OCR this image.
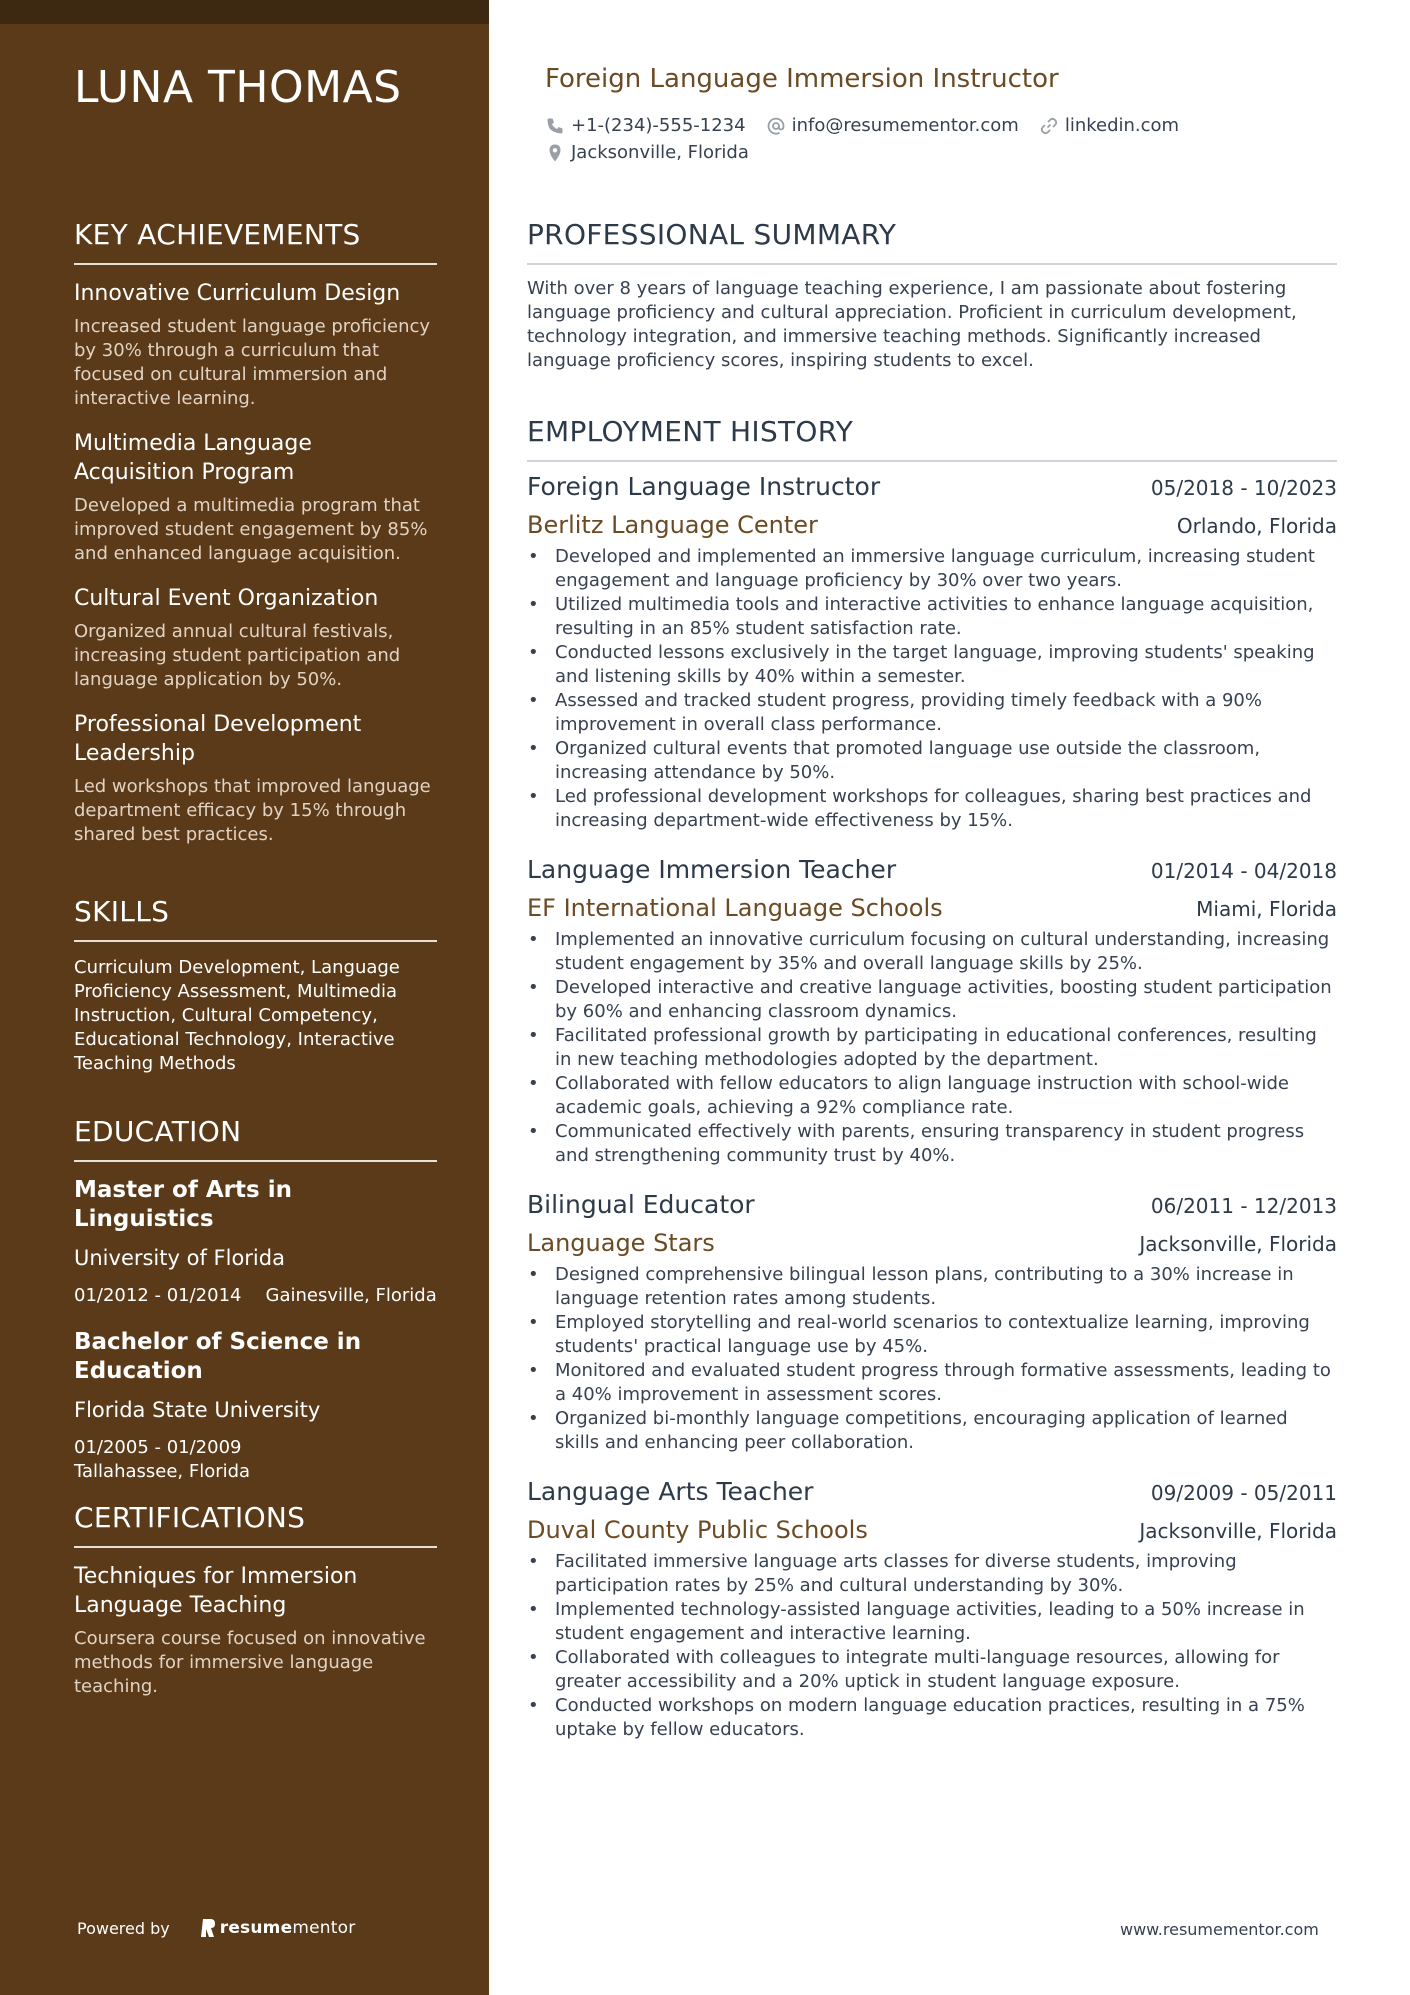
LUNA THOMAS
KEY ACHIEVEMENTS
Innovative Curriculum Design
Increased student language proficiency by 30% through a curriculum that focused on cultural immersion and interactive learning.
Multimedia Language Acquisition Program
Developed a multimedia program that improved student engagement by 85% and enhanced language acquisition.
Cultural Event Organization
Organized annual cultural festivals, increasing student participation and language application by 50%.
Professional Development Leadership
Led workshops that improved language department efficacy by 15% through shared best practices.
SKILLS
Curriculum Development, Language Proficiency Assessment, Multimedia Instruction, Cultural Competency, Educational Technology, Interactive Teaching Methods
EDUCATION
Master of Arts in Linguistics
University of Florida
01/2012 - 01/2014 Gainesville, Florida
Bachelor of Science in Education
Florida State University
01/2005 - 01/2009
Tallahassee, Florida
CERTIFICATIONS
Techniques for Immersion Language Teaching
Coursera course focused on innovative methods for immersive language teaching.
Powered by	resumementor
Foreign Language Immersion Instructor
+1-(234)-555-1234	info@resumementor.com	linkedin.com
Jacksonville, Florida
PROFESSIONAL SUMMARY
With over 8 years of language teaching experience, I am passionate about fostering language proficiency and cultural appreciation. Proficient in curriculum development, technology integration, and immersive teaching methods. Significantly increased language proficiency scores, inspiring students to excel.
EMPLOYMENT HISTORY
Foreign Language Instructor	05/2018 - 10/2023
Berlitz Language Center	Orlando, Florida
• Developed and implemented an immersive language curriculum, increasing student engagement and language proficiency by 30% over two years.
• Utilized multimedia tools and interactive activities to enhance language acquisition, resulting in an 85% student satisfaction rate.
• Conducted lessons exclusively in the target language, improving students' speaking and listening skills by 40% within a semester.
• Assessed and tracked student progress, providing timely feedback with a 90% improvement in overall class performance.
• Organized cultural events that promoted language use outside the classroom, increasing attendance by 50%.
• Led professional development workshops for colleagues, sharing best practices and increasing department-wide effectiveness by 15%.
Language Immersion Teacher	01/2014 - 04/2018
EF International Language Schools	Miami, Florida
• Implemented an innovative curriculum focusing on cultural understanding, increasing student engagement by 35% and overall language skills by 25%.
• Developed interactive and creative language activities, boosting student participation by 60% and enhancing classroom dynamics.
• Facilitated professional growth by participating in educational conferences, resulting in new teaching methodologies adopted by the department.
• Collaborated with fellow educators to align language instruction with school-wide academic goals, achieving a 92% compliance rate.
• Communicated effectively with parents, ensuring transparency in student progress and strengthening community trust by 40%.
Bilingual Educator	06/2011 - 12/2013
Language Stars	Jacksonville, Florida
• Designed comprehensive bilingual lesson plans, contributing to a 30% increase in language retention rates among students.
• Employed storytelling and real-world scenarios to contextualize learning, improving students' practical language use by 45%.
• Monitored and evaluated student progress through formative assessments, leading to a 40% improvement in assessment scores.
• Organized bi-monthly language competitions, encouraging application of learned skills and enhancing peer collaboration.
Language Arts Teacher	09/2009 - 05/2011
Duval County Public Schools	Jacksonville, Florida
• Facilitated immersive language arts classes for diverse students, improving participation rates by 25% and cultural understanding by 30%.
• Implemented technology-assisted language activities, leading to a 50% increase in student engagement and interactive learning.
• Collaborated with colleagues to integrate multi-language resources, allowing for greater accessibility and a 20% uptick in student language exposure.
• Conducted workshops on modern language education practices, resulting in a 75% uptake by fellow educators.
www.resumementor.com
